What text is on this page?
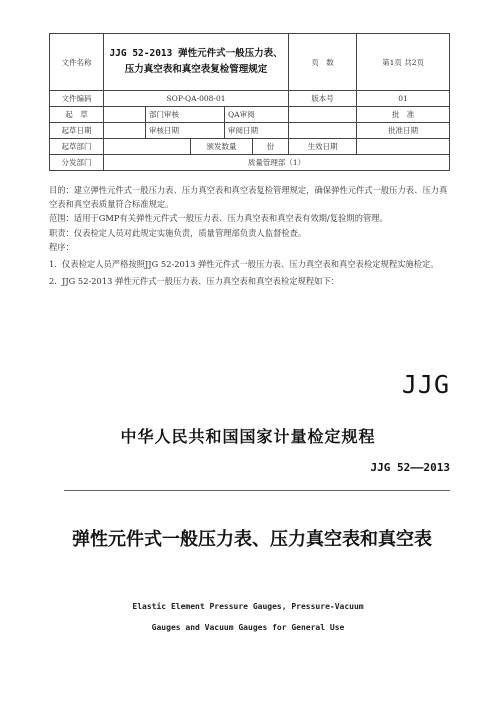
文件名称	JJG 52-2013 弹性元件式一般压力表、压力真空表和真空表复检管理规定					页　数	第1页 共2页
文件编码	SOP-QA-008-01					版本号	01
起　草		部门审核		QA审阅			批　准
起草日期		审核日期		审阅日期			批准日期
起草部门			颁发数量		份	生效日期	
分发部门	质量管理部（1）						

目的：建立弹性元件式一般压力表、压力真空表和真空表复检管理规定，确保弹性元件式一般压力表、压力真空表和真空表质量符合标准规定。

范围：适用于GMP有关弹性元件式一般压力表、压力真空表和真空表有效期/复验期的管理。

职责：仪表检定人员对此规定实施负责，质量管理部负责人监督检查。

程序：

1. 仪表检定人员严格按照JJG 52-2013 弹性元件式一般压力表、压力真空表和真空表检定规程实施检定。

2. JJG 52-2013 弹性元件式一般压力表、压力真空表和真空表检定规程如下：

JJG
中华人民共和国国家计量检定规程
JJG 52——2013
弹性元件式一般压力表、压力真空表和真空表
Elastic Element Pressure Gauges, Pressure-Vacuum
Gauges and Vacuum Gauges for General Use
